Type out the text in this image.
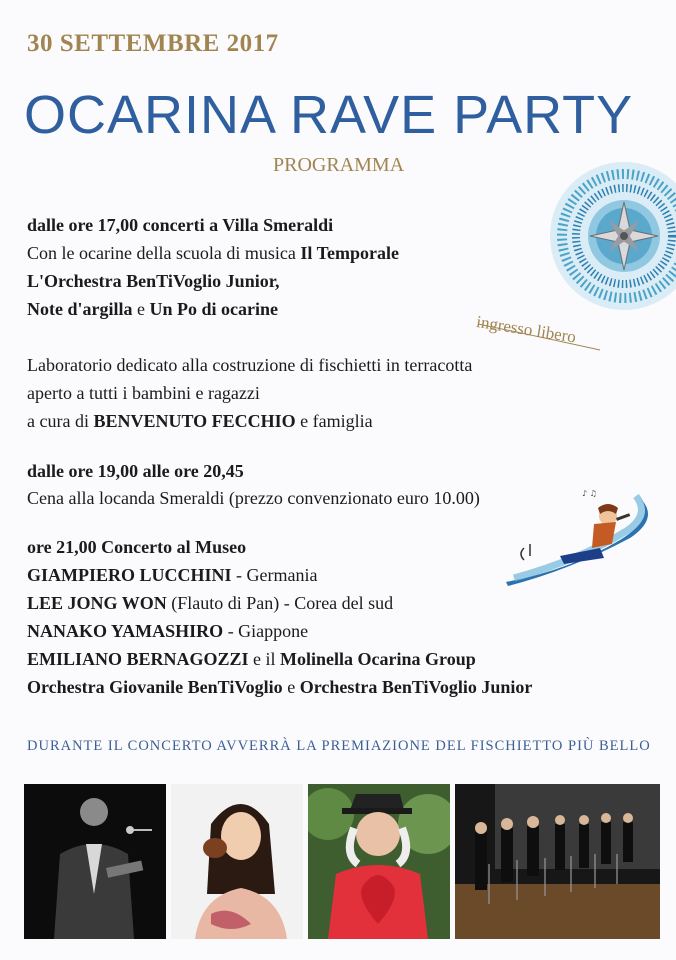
30 SETTEMBRE 2017
OCARINA RAVE PARTY
PROGRAMMA
ingresso libero
dalle ore 17,00 concerti a Villa Smeraldi
Con le ocarine della scuola di musica Il Temporale
L'Orchestra BenTiVoglio Junior,
Note d'argilla e Un Po di ocarine
Laboratorio dedicato alla costruzione di fischietti in terracotta
aperto a tutti i bambini e ragazzi
a cura di BENVENUTO FECCHIO e famiglia
dalle ore 19,00 alle ore 20,45
Cena alla locanda Smeraldi (prezzo convenzionato euro 10.00)	♪ ♫
ore 21,00 Concerto al Museo
GIAMPIERO LUCCHINI - Germania
LEE JONG WON (Flauto di Pan) - Corea del sud
NANAKO YAMASHIRO - Giappone
EMILIANO BERNAGOZZI e il Molinella Ocarina Group
Orchestra Giovanile BenTiVoglio e Orchestra BenTiVoglio Junior
DURANTE IL CONCERTO AVVERRÀ LA PREMIAZIONE DEL FISCHIETTO PIÙ BELLO
